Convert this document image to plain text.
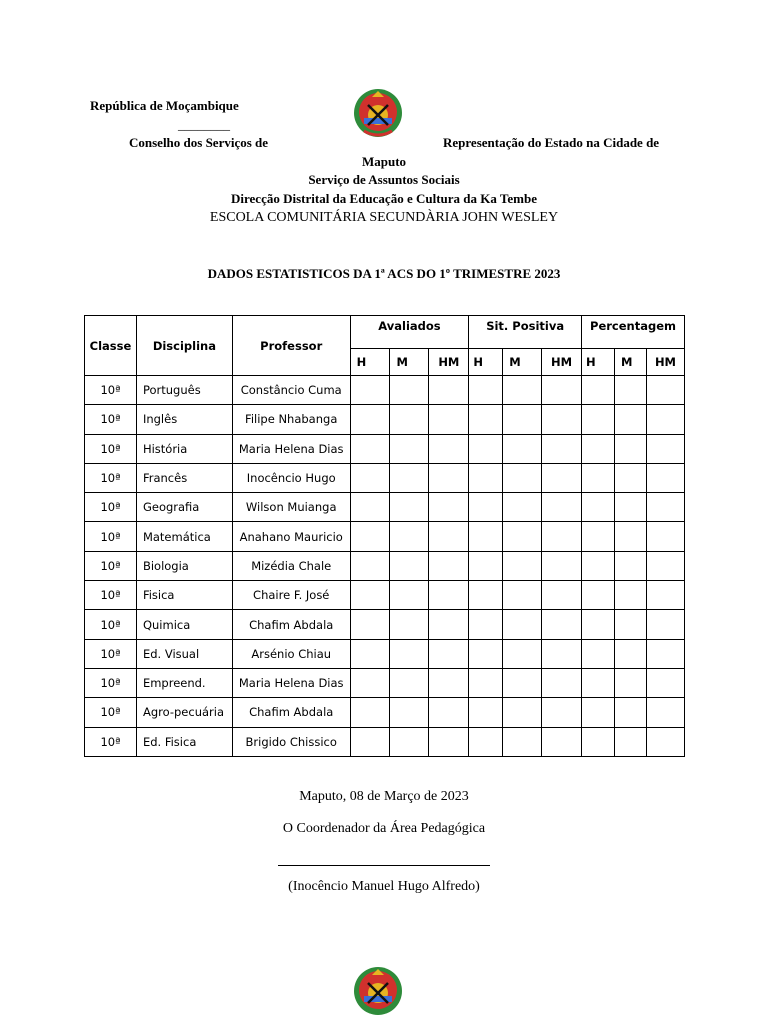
República de Moçambique
________
Conselho dos Serviços de	Representação do Estado na Cidade de
Maputo
Serviço de Assuntos Sociais
Direcção Distrital da Educação e Cultura da Ka Tembe
ESCOLA COMUNITÁRIA SECUNDÀRIA JOHN WESLEY
DADOS ESTATISTICOS DA 1ª ACS DO 1º TRIMESTRE 2023
Classe	Disciplina	Professor	Avaliados			Sit. Positiva			Percentagem		
			H	M	HM	H	M	HM	H	M	HM
10ª	Português	Constâncio Cuma									
10ª	Inglês	Filipe Nhabanga									
10ª	História	Maria Helena Dias									
10ª	Francês	Inocêncio Hugo									
10ª	Geografia	Wilson Muianga									
10ª	Matemática	Anahano Mauricio									
10ª	Biologia	Mizédia Chale									
10ª	Fisica	Chaire F. José									
10ª	Quimica	Chafim Abdala									
10ª	Ed. Visual	Arsénio Chiau									
10ª	Empreend.	Maria Helena Dias									
10ª	Agro-pecuária	Chafim Abdala									
10ª	Ed. Fisica	Brigido Chissico									
Maputo, 08 de Março de 2023
O Coordenador da Área Pedagógica
(Inocêncio Manuel Hugo Alfredo)
